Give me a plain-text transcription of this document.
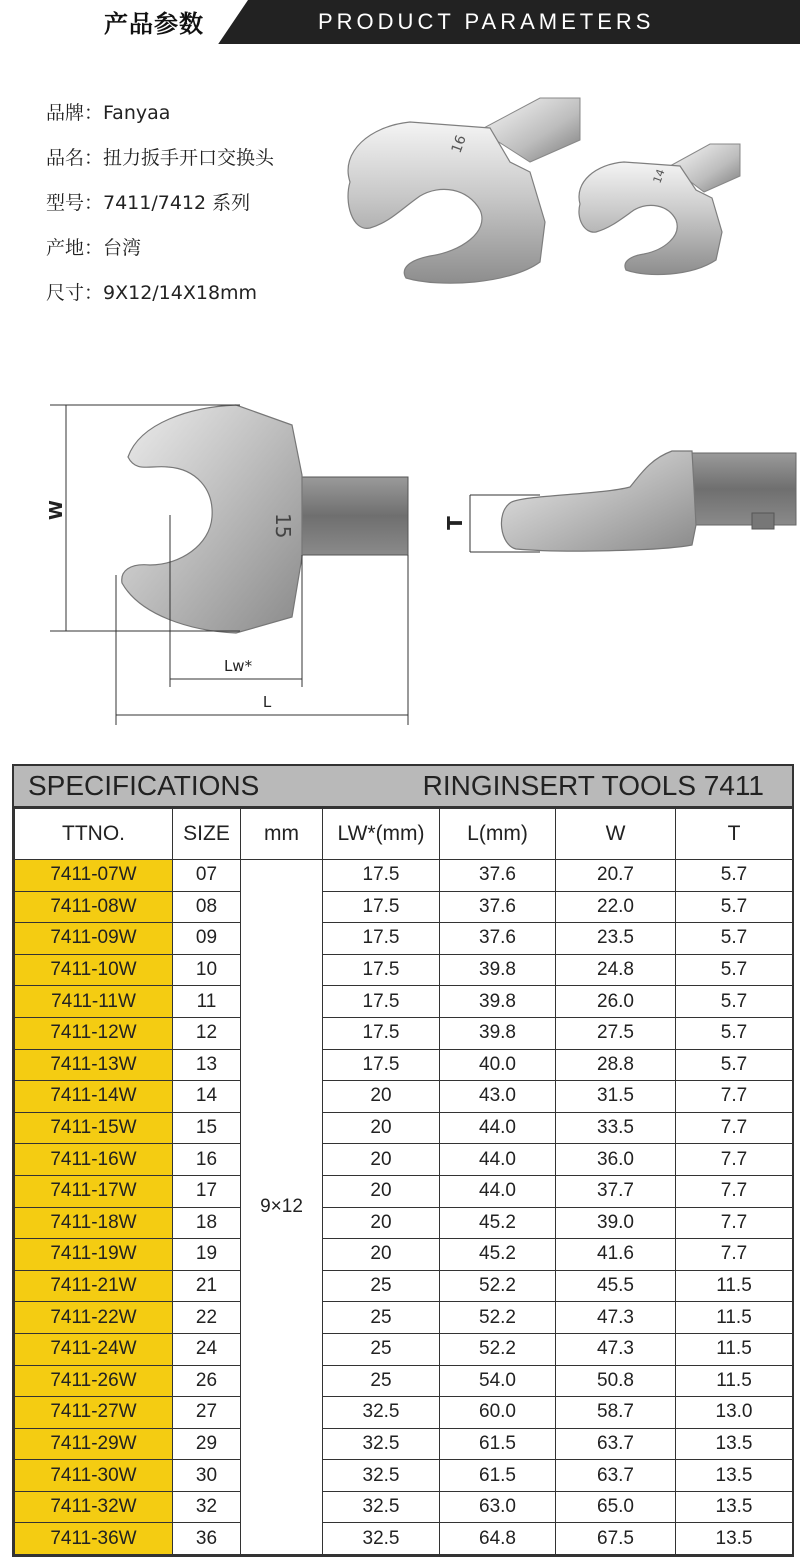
产品参数	PRODUCT PARAMETERS
品牌：Fanyaa
品名：扭力扳手开口交换头
型号：7411/7412 系列
产地：台湾
尺寸：9X12/14X18mm
16
14
15
W
Lw*
L
T
SPECIFICATIONS	RINGINSERT TOOLS 7411
TTNO.	SIZE	mm	LW*(mm)	L(mm)	W	T
7411-07W	07	9×12	17.5	37.6	20.7	5.7
7411-08W	08		17.5	37.6	22.0	5.7
7411-09W	09		17.5	37.6	23.5	5.7
7411-10W	10		17.5	39.8	24.8	5.7
7411-11W	11		17.5	39.8	26.0	5.7
7411-12W	12		17.5	39.8	27.5	5.7
7411-13W	13		17.5	40.0	28.8	5.7
7411-14W	14		20	43.0	31.5	7.7
7411-15W	15		20	44.0	33.5	7.7
7411-16W	16		20	44.0	36.0	7.7
7411-17W	17		20	44.0	37.7	7.7
7411-18W	18		20	45.2	39.0	7.7
7411-19W	19		20	45.2	41.6	7.7
7411-21W	21		25	52.2	45.5	11.5
7411-22W	22		25	52.2	47.3	11.5
7411-24W	24		25	52.2	47.3	11.5
7411-26W	26		25	54.0	50.8	11.5
7411-27W	27		32.5	60.0	58.7	13.0
7411-29W	29		32.5	61.5	63.7	13.5
7411-30W	30		32.5	61.5	63.7	13.5
7411-32W	32		32.5	63.0	65.0	13.5
7411-36W	36		32.5	64.8	67.5	13.5
